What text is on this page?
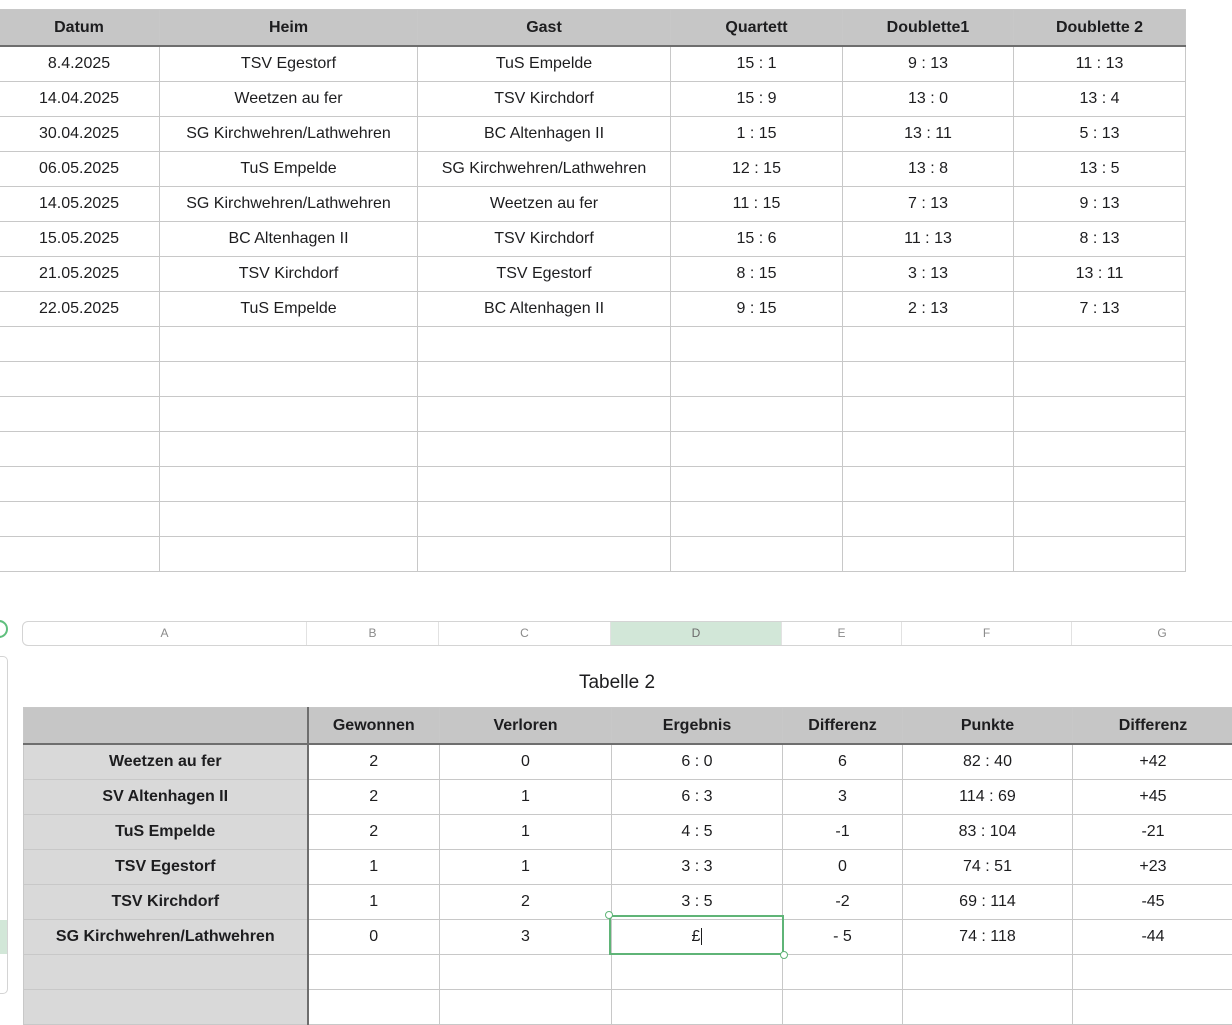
Datum	Heim	Gast	Quartett	Doublette1	Doublette 2
8.4.2025	TSV Egestorf	TuS Empelde	15 : 1	9 : 13	11 : 13
14.04.2025	Weetzen au fer	TSV Kirchdorf	15 : 9	13 : 0	13 : 4
30.04.2025	SG Kirchwehren/Lathwehren	BC Altenhagen II	1 : 15	13 : 11	5 : 13
06.05.2025	TuS Empelde	SG Kirchwehren/Lathwehren	12 : 15	13 : 8	13 : 5
14.05.2025	SG Kirchwehren/Lathwehren	Weetzen au fer	11 : 15	7 : 13	9 : 13
15.05.2025	BC Altenhagen II	TSV Kirchdorf	15 : 6	11 : 13	8 : 13
21.05.2025	TSV Kirchdorf	TSV Egestorf	8 : 15	3 : 13	13 : 11
22.05.2025	TuS Empelde	BC Altenhagen II	9 : 15	2 : 13	7 : 13

A	B	C	D	E	F	G
Tabelle 2
	Gewonnen	Verloren	Ergebnis	Differenz	Punkte	Differenz
Weetzen au fer	2	0	6 : 0	6	82 : 40	+42
SV Altenhagen II	2	1	6 : 3	3	114 : 69	+45
TuS Empelde	2	1	4 : 5	-1	83 : 104	-21
TSV Egestorf	1	1	3 : 3	0	74 : 51	+23
TSV Kirchdorf	1	2	3 : 5	-2	69 : 114	-45
SG Kirchwehren/Lathwehren	0	3	£	- 5	74 : 118	-44
